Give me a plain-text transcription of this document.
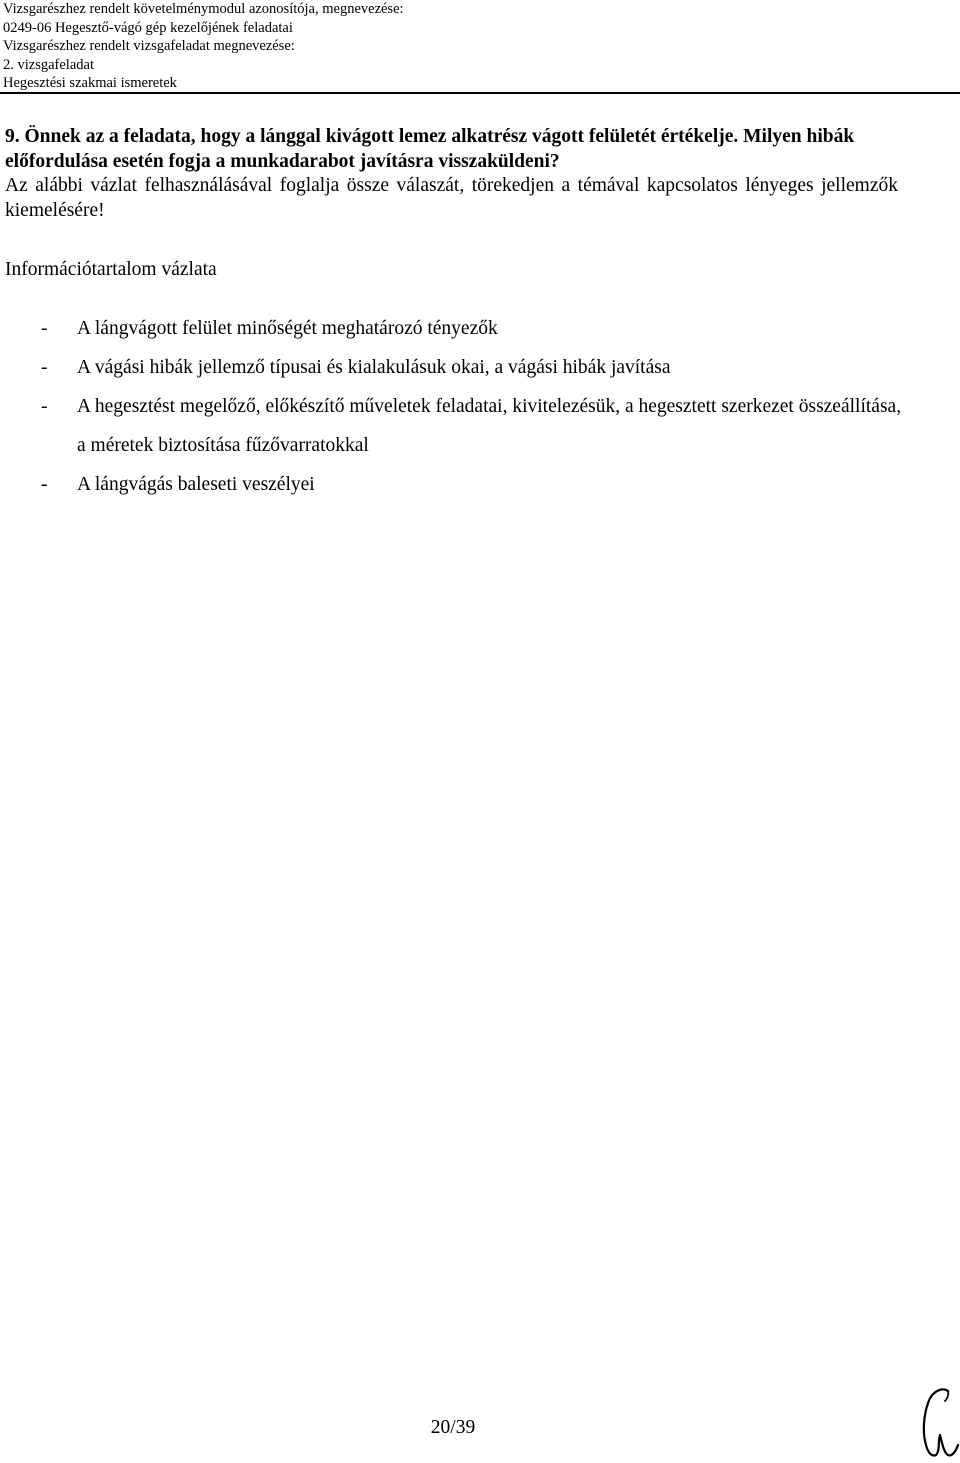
Vizsgarészhez rendelt követelménymodul azonosítója, megnevezése:
0249-06 Hegesztő-vágó gép kezelőjének feladatai
Vizsgarészhez rendelt vizsgafeladat megnevezése:
2. vizsgafeladat
Hegesztési szakmai ismeretek

9. Önnek az a feladata, hogy a lánggal kivágott lemez alkatrész vágott felületét értékelje. Milyen hibák előfordulása esetén fogja a munkadarabot javításra visszaküldeni?
Az alábbi vázlat felhasználásával foglalja össze válaszát, törekedjen a témával kapcsolatos lényeges jellemzők kiemelésére!

Információtartalom vázlata

- A lángvágott felület minőségét meghatározó tényezők
- A vágási hibák jellemző típusai és kialakulásuk okai, a vágási hibák javítása
- A hegesztést megelőző, előkészítő műveletek feladatai, kivitelezésük, a hegesztett szerkezet összeállítása, a méretek biztosítása fűzővarratokkal
- A lángvágás baleseti veszélyei
20/39
